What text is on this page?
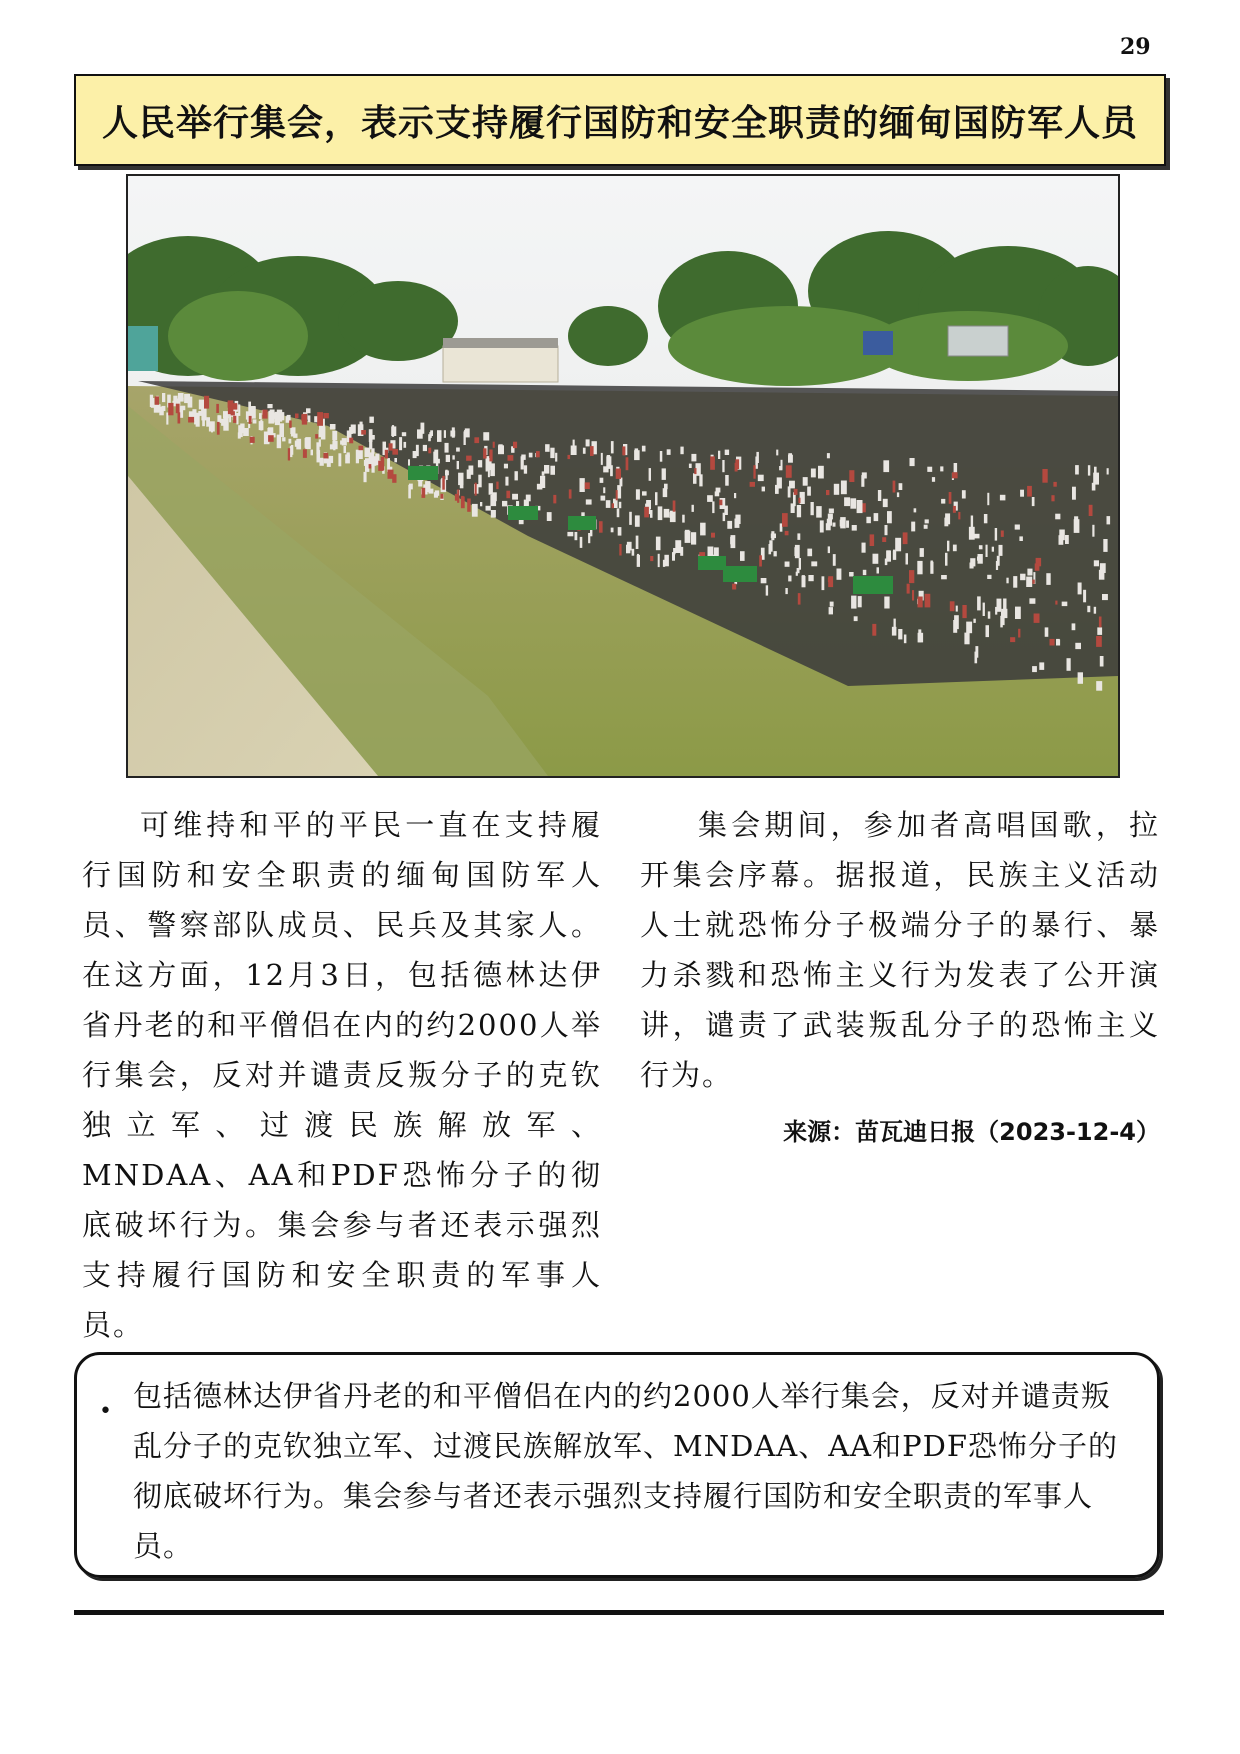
29
人民举行集会，表示支持履行国防和安全职责的缅甸国防军人员
可维持和平的平民一直在支持履行国防和安全职责的缅甸国防军人员、警察部队成员、民兵及其家人。在这方面，12月3日，包括德林达伊省丹老的和平僧侣在内的约2000人举行集会，反对并谴责反叛分子的克钦独立军、过渡民族解放军、MNDAA、AA和PDF恐怖分子的彻底破坏行为。集会参与者还表示强烈支持履行国防和安全职责的军事人员。
集会期间，参加者高唱国歌，拉开集会序幕。据报道，民族主义活动人士就恐怖分子极端分子的暴行、暴力杀戮和恐怖主义行为发表了公开演讲，谴责了武装叛乱分子的恐怖主义行为。
来源：苗瓦迪日报（2023-12-4）
• 包括德林达伊省丹老的和平僧侣在内的约2000人举行集会，反对并谴责叛乱分子的克钦独立军、过渡民族解放军、MNDAA、AA和PDF恐怖分子的彻底破坏行为。集会参与者还表示强烈支持履行国防和安全职责的军事人员。
